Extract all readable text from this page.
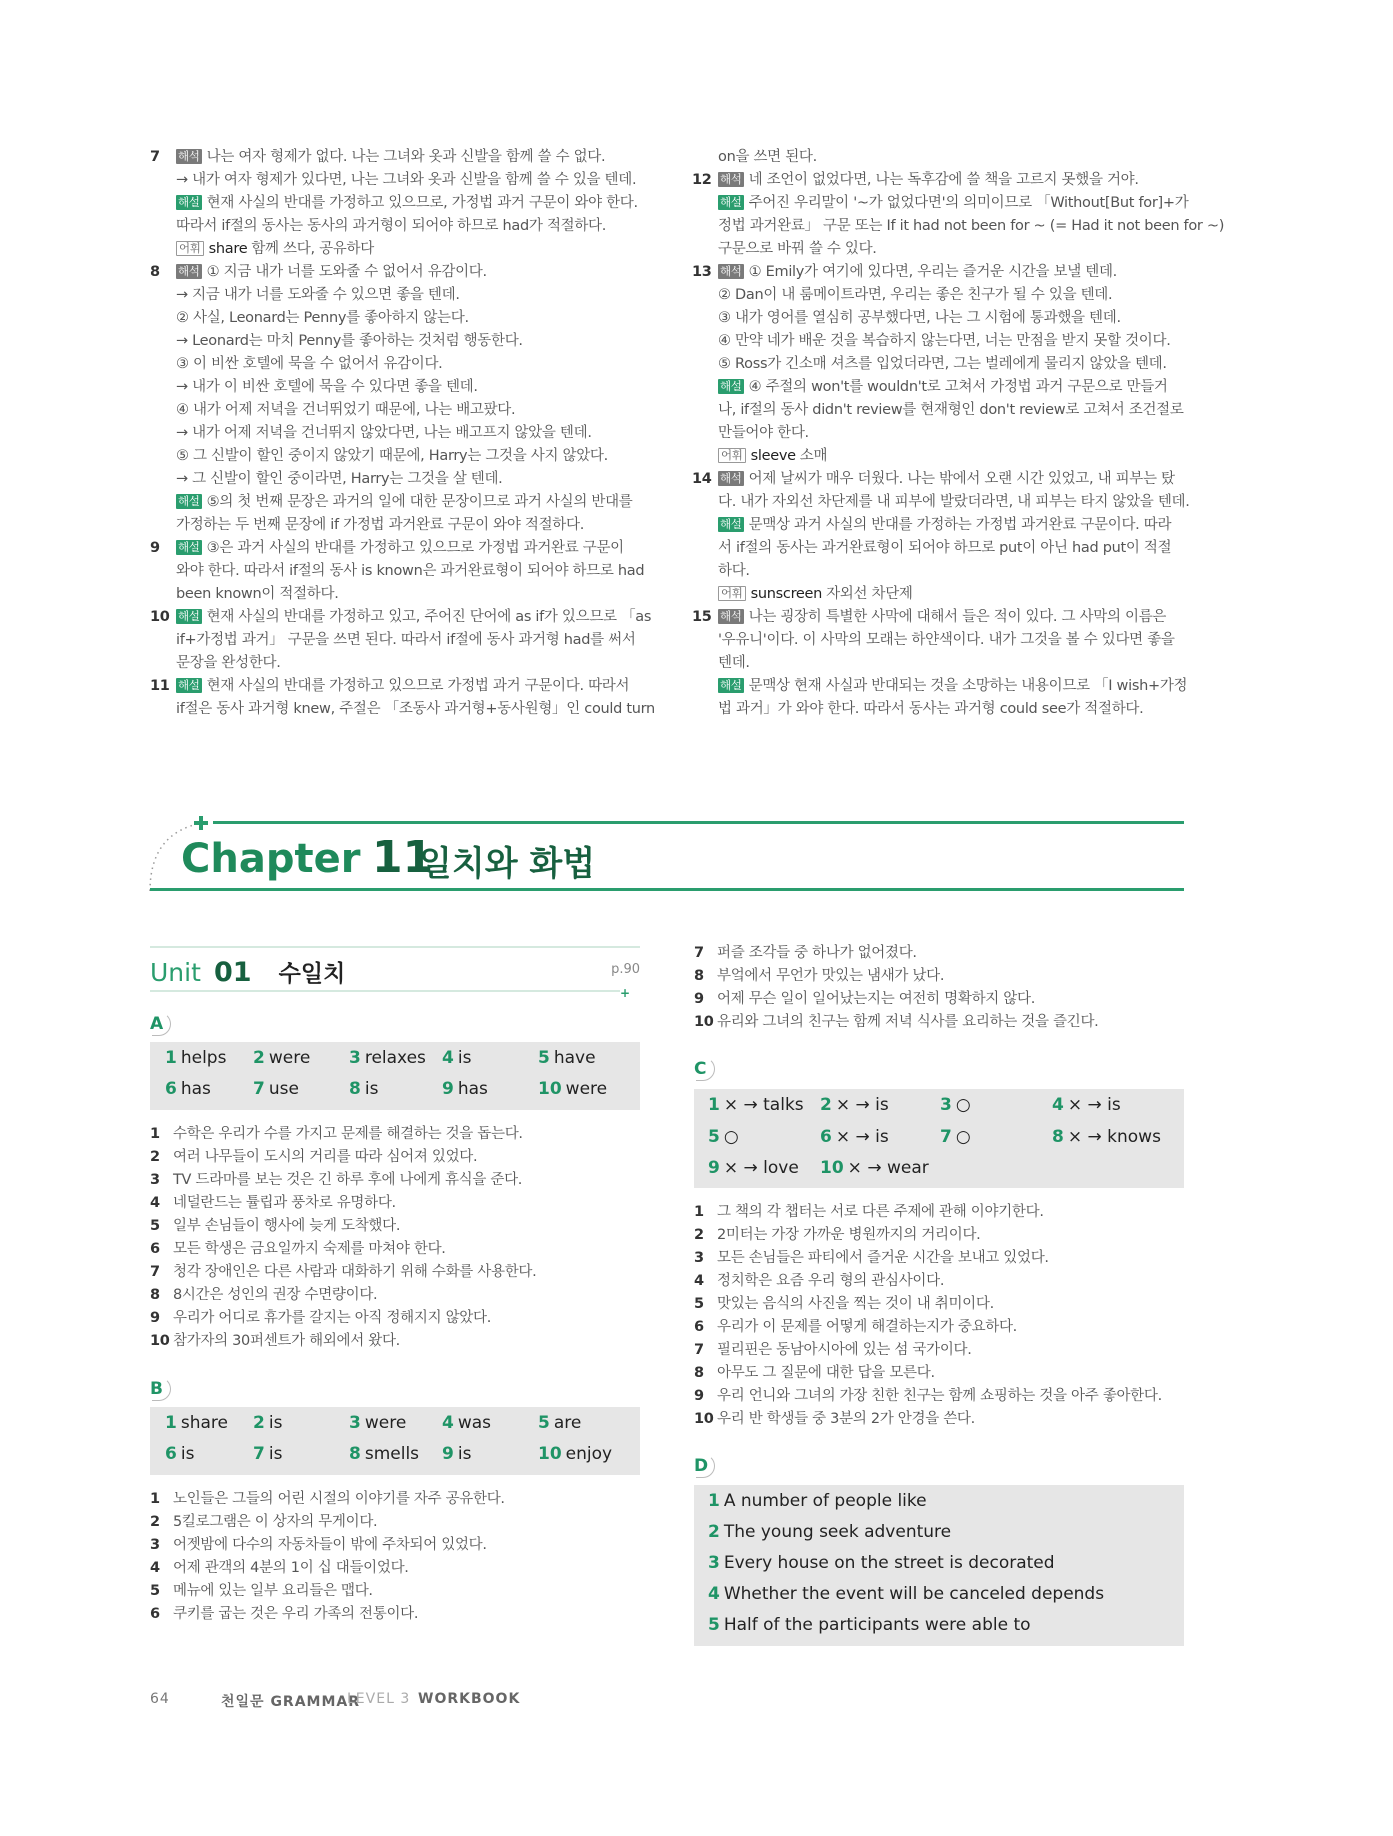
7 해석 나는 여자 형제가 없다. 나는 그녀와 옷과 신발을 함께 쓸 수 없다.
→ 내가 여자 형제가 있다면, 나는 그녀와 옷과 신발을 함께 쓸 수 있을 텐데.
해설 현재 사실의 반대를 가정하고 있으므로, 가정법 과거 구문이 와야 한다.
따라서 if절의 동사는 동사의 과거형이 되어야 하므로 had가 적절하다.
어휘 share 함께 쓰다, 공유하다
8 해석 ① 지금 내가 너를 도와줄 수 없어서 유감이다.
→ 지금 내가 너를 도와줄 수 있으면 좋을 텐데.
② 사실, Leonard는 Penny를 좋아하지 않는다.
→ Leonard는 마치 Penny를 좋아하는 것처럼 행동한다.
③ 이 비싼 호텔에 묵을 수 없어서 유감이다.
→ 내가 이 비싼 호텔에 묵을 수 있다면 좋을 텐데.
④ 내가 어제 저녁을 건너뛰었기 때문에, 나는 배고팠다.
→ 내가 어제 저녁을 건너뛰지 않았다면, 나는 배고프지 않았을 텐데.
⑤ 그 신발이 할인 중이지 않았기 때문에, Harry는 그것을 사지 않았다.
→ 그 신발이 할인 중이라면, Harry는 그것을 살 텐데.
해설 ⑤의 첫 번째 문장은 과거의 일에 대한 문장이므로 과거 사실의 반대를
가정하는 두 번째 문장에 if 가정법 과거완료 구문이 와야 적절하다.
9 해설 ③은 과거 사실의 반대를 가정하고 있으므로 가정법 과거완료 구문이
와야 한다. 따라서 if절의 동사 is known은 과거완료형이 되어야 하므로 had
been known이 적절하다.
10 해설 현재 사실의 반대를 가정하고 있고, 주어진 단어에 as if가 있으므로 「as
if+가정법 과거」 구문을 쓰면 된다. 따라서 if절에 동사 과거형 had를 써서
문장을 완성한다.
11 해설 현재 사실의 반대를 가정하고 있으므로 가정법 과거 구문이다. 따라서
if절은 동사 과거형 knew, 주절은 「조동사 과거형+동사원형」인 could turn
on을 쓰면 된다.
12 해석 네 조언이 없었다면, 나는 독후감에 쓸 책을 고르지 못했을 거야.
해설 주어진 우리말이 '~가 없었다면'의 의미이므로 「Without[But for]+가
정법 과거완료」 구문 또는 If it had not been for ~ (= Had it not been for ~)
구문으로 바꿔 쓸 수 있다.
13 해석 ① Emily가 여기에 있다면, 우리는 즐거운 시간을 보낼 텐데.
② Dan이 내 룸메이트라면, 우리는 좋은 친구가 될 수 있을 텐데.
③ 내가 영어를 열심히 공부했다면, 나는 그 시험에 통과했을 텐데.
④ 만약 네가 배운 것을 복습하지 않는다면, 너는 만점을 받지 못할 것이다.
⑤ Ross가 긴소매 셔츠를 입었더라면, 그는 벌레에게 물리지 않았을 텐데.
해설 ④ 주절의 won't를 wouldn't로 고쳐서 가정법 과거 구문으로 만들거
나, if절의 동사 didn't review를 현재형인 don't review로 고쳐서 조건절로
만들어야 한다.
어휘 sleeve 소매
14 해석 어제 날씨가 매우 더웠다. 나는 밖에서 오랜 시간 있었고, 내 피부는 탔
다. 내가 자외선 차단제를 내 피부에 발랐더라면, 내 피부는 타지 않았을 텐데.
해설 문맥상 과거 사실의 반대를 가정하는 가정법 과거완료 구문이다. 따라
서 if절의 동사는 과거완료형이 되어야 하므로 put이 아닌 had put이 적절
하다.
어휘 sunscreen 자외선 차단제
15 해석 나는 굉장히 특별한 사막에 대해서 들은 적이 있다. 그 사막의 이름은
'우유니'이다. 이 사막의 모래는 하얀색이다. 내가 그것을 볼 수 있다면 좋을
텐데.
해설 문맥상 현재 사실과 반대되는 것을 소망하는 내용이므로 「I wish+가정
법 과거」가 와야 한다. 따라서 동사는 과거형 could see가 적절하다.
Chapter 11
일치와 화법
Unit 01 수일치	p.90
+
A
1 helps 2 were 3 relaxes 4 is	5 have
6 has 7 use	8 is	9 has	10 were
1 수학은 우리가 수를 가지고 문제를 해결하는 것을 돕는다.
2 여러 나무들이 도시의 거리를 따라 심어져 있었다.
3 TV 드라마를 보는 것은 긴 하루 후에 나에게 휴식을 준다.
4 네덜란드는 튤립과 풍차로 유명하다.
5 일부 손님들이 행사에 늦게 도착했다.
6 모든 학생은 금요일까지 숙제를 마쳐야 한다.
7 청각 장애인은 다른 사람과 대화하기 위해 수화를 사용한다.
8 8시간은 성인의 권장 수면량이다.
9 우리가 어디로 휴가를 갈지는 아직 정해지지 않았다.
10 참가자의 30퍼센트가 해외에서 왔다.
B
1 share 2 is	3 were 4 was	5 are
6 is	7 is	8 smells 9 is	10 enjoy
1 노인들은 그들의 어린 시절의 이야기를 자주 공유한다.
2 5킬로그램은 이 상자의 무게이다.
3 어젯밤에 다수의 자동차들이 밖에 주차되어 있었다.
4 어제 관객의 4분의 1이 십 대들이었다.
5 메뉴에 있는 일부 요리들은 맵다.
6 쿠키를 굽는 것은 우리 가족의 전통이다.
7 퍼즐 조각들 중 하나가 없어졌다.
8 부엌에서 무언가 맛있는 냄새가 났다.
9 어제 무슨 일이 일어났는지는 여전히 명확하지 않다.
10 유리와 그녀의 친구는 함께 저녁 식사를 요리하는 것을 즐긴다.
C
1 × → talks 2 × → is	3 ○	4 × → is
5 ○	6 × → is	7 ○	8 × → knows
9 × → love 10 × → wear
1 그 책의 각 챕터는 서로 다른 주제에 관해 이야기한다.
2 2미터는 가장 가까운 병원까지의 거리이다.
3 모든 손님들은 파티에서 즐거운 시간을 보내고 있었다.
4 정치학은 요즘 우리 형의 관심사이다.
5 맛있는 음식의 사진을 찍는 것이 내 취미이다.
6 우리가 이 문제를 어떻게 해결하는지가 중요하다.
7 필리핀은 동남아시아에 있는 섬 국가이다.
8 아무도 그 질문에 대한 답을 모른다.
9 우리 언니와 그녀의 가장 친한 친구는 함께 쇼핑하는 것을 아주 좋아한다.
10 우리 반 학생들 중 3분의 2가 안경을 쓴다.
D
1 A number of people like
2 The young seek adventure
3 Every house on the street is decorated
4 Whether the event will be canceled depends
5 Half of the participants were able to
64	천일문 GRAMMAR
LEVEL 3 WORKBOOK
